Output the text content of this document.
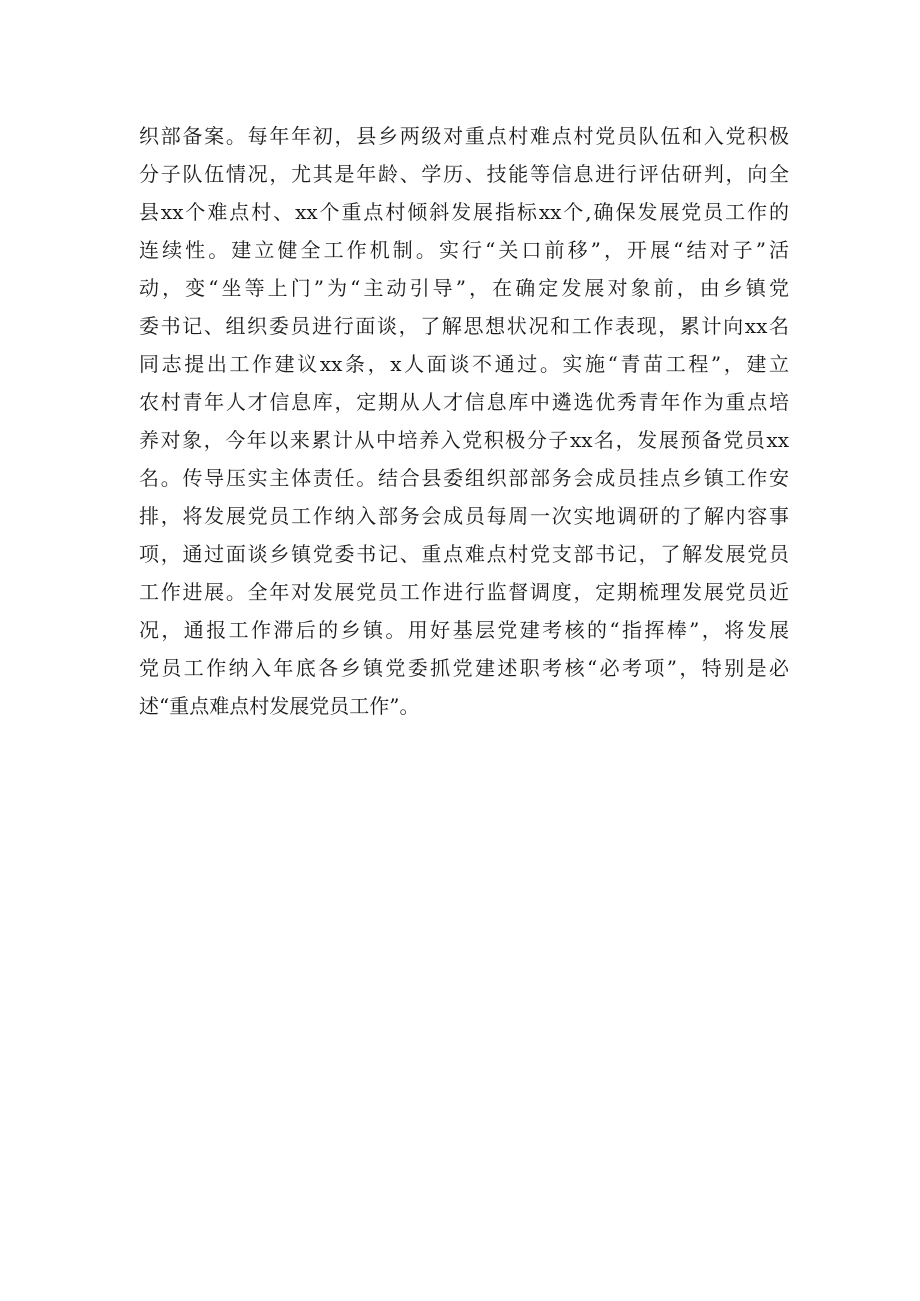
织部备案。每年年初，县乡两级对重点村难点村党员队伍和入党积极
分子队伍情况，尤其是年龄、学历、技能等信息进行评估研判，向全
县xx个难点村、xx个重点村倾斜发展指标xx个,确保发展党员工作的
连续性。建立健全工作机制。实行“关口前移”，开展“结对子”活
动，变“坐等上门”为“主动引导”，在确定发展对象前，由乡镇党
委书记、组织委员进行面谈，了解思想状况和工作表现，累计向xx名
同志提出工作建议xx条，x人面谈不通过。实施“青苗工程”，建立
农村青年人才信息库，定期从人才信息库中遴选优秀青年作为重点培
养对象，今年以来累计从中培养入党积极分子xx名，发展预备党员xx
名。传导压实主体责任。结合县委组织部部务会成员挂点乡镇工作安
排，将发展党员工作纳入部务会成员每周一次实地调研的了解内容事
项，通过面谈乡镇党委书记、重点难点村党支部书记，了解发展党员
工作进展。全年对发展党员工作进行监督调度，定期梳理发展党员近
况，通报工作滞后的乡镇。用好基层党建考核的“指挥棒”，将发展
党员工作纳入年底各乡镇党委抓党建述职考核“必考项”，特别是必
述“重点难点村发展党员工作”。
